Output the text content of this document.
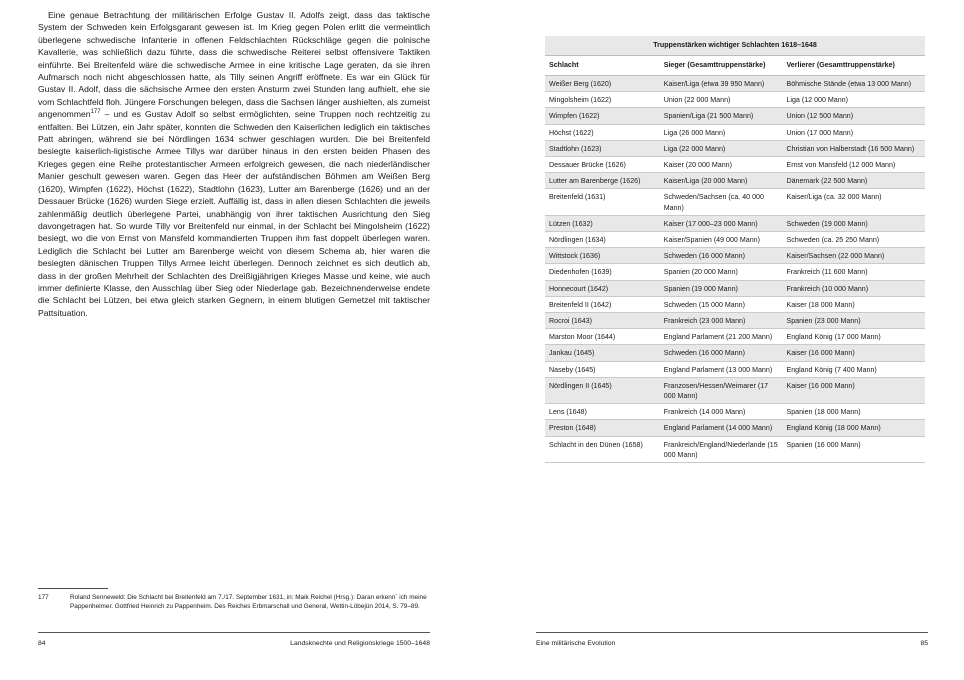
Eine genaue Betrachtung der militärischen Erfolge Gustav II. Adolfs zeigt, dass das taktische System der Schweden kein Erfolgsgarant gewesen ist. Im Krieg gegen Polen erlitt die vermeintlich überlegene schwedische Infanterie in offenen Feldschlachten Rückschläge gegen die polnische Kavallerie, was schließlich dazu führte, dass die schwedische Reiterei selbst offensivere Taktiken einführte. Bei Breitenfeld wäre die schwedische Armee in eine kritische Lage geraten, da sie ihren Aufmarsch noch nicht abgeschlossen hatte, als Tilly seinen Angriff eröffnete. Es war ein Glück für Gustav II. Adolf, dass die sächsische Armee den ersten Ansturm zwei Stunden lang aufhielt, ehe sie vom Schlachtfeld floh. Jüngere Forschungen belegen, dass die Sachsen länger aushielten, als zumeist angenommen$^{177}$ – und es Gustav Adolf so selbst ermöglichten, seine Truppen noch rechtzeitig zu entfalten. Bei Lützen, ein Jahr später, konnten die Schweden den Kaiserlichen lediglich ein taktisches Patt abringen, während sie bei Nördlingen 1634 schwer geschlagen wurden. Die bei Breitenfeld besiegte kaiserlich-ligistische Armee Tillys war darüber hinaus in den ersten beiden Phasen des Krieges gegen eine Reihe protestantischer Armeen erfolgreich gewesen, die nach niederländischer Manier geschult gewesen waren. Gegen das Heer der aufständischen Böhmen am Weißen Berg (1620), Wimpfen (1622), Höchst (1622), Stadtlohn (1623), Lutter am Barenberge (1626) und an der Dessauer Brücke (1626) wurden Siege erzielt. Auffällig ist, dass in allen diesen Schlachten die jeweils zahlenmäßig deutlich überlegene Partei, unabhängig von ihrer taktischen Ausrichtung den Sieg davongetragen hat. So wurde Tilly vor Breitenfeld nur einmal, in der Schlacht bei Mingolsheim (1622) besiegt, wo die von Ernst von Mansfeld kommandierten Truppen ihm fast doppelt überlegen waren. Lediglich die Schlacht bei Lutter am Barenberge weicht von diesem Schema ab, hier waren die besiegten dänischen Truppen Tillys Armee leicht überlegen. Dennoch zeichnet es sich deutlich ab, dass in der großen Mehrheit der Schlachten des Dreißigjährigen Krieges Masse und keine, wie auch immer definierte Klasse, den Ausschlag über Sieg oder Niederlage gab. Bezeichnenderweise endete die Schlacht bei Lützen, bei etwa gleich starken Gegnern, in einem blutigen Gemetzel mit taktischer Pattsituation.

177	Roland Senneweld: Die Schlacht bei Breitenfeld am 7./17. September 1631, in: Maik Reichel (Hrsg.): Daran erkenn´ ich meine Pappenheimer. Gottfried Heinrich zu Pappenheim. Des Reiches Erbmarschall und General, Wettin-Löbejün 2014, S. 79–89.
84	Landsknechte und Religionskriege 1500–1648
Truppenstärken wichtiger Schlachten 1618–1648		
Schlacht	Sieger (Gesamttruppenstärke)	Verlierer (Gesamttruppenstärke)
Weißer Berg (1620)	Kaiser/Liga (etwa 39 950 Mann)	Böhmische Stände (etwa 13 000 Mann)
Mingolsheim (1622)	Union (22 000 Mann)	Liga (12 000 Mann)
Wimpfen (1622)	Spanien/Liga (21 500 Mann)	Union (12 500 Mann)
Höchst (1622)	Liga (26 000 Mann)	Union (17 000 Mann)
Stadtlohn (1623)	Liga (22 000 Mann)	Christian von Halberstadt (16 500 Mann)
Dessauer Brücke (1626)	Kaiser (20 000 Mann)	Ernst von Mansfeld (12 000 Mann)
Lutter am Barenberge (1626)	Kaiser/Liga (20 000 Mann)	Dänemark (22 500 Mann)
Breitenfeld (1631)	Schweden/Sachsen (ca. 40 000 Mann)	Kaiser/Liga (ca. 32 000 Mann)
Lützen (1632)	Kaiser (17 000–23 000 Mann)	Schweden (19 000 Mann)
Nördlingen (1634)	Kaiser/Spanien (49 000 Mann)	Schweden (ca. 25 250 Mann)
Wittstock (1636)	Schweden (16 000 Mann)	Kaiser/Sachsen (22 000 Mann)
Diedenhofen (1639)	Spanien (20 000 Mann)	Frankreich (11 600 Mann)
Honnecourt (1642)	Spanien (19 000 Mann)	Frankreich (10 000 Mann)
Breitenfeld II (1642)	Schweden (15 000 Mann)	Kaiser (18 000 Mann)
Rocroi (1643)	Frankreich (23 000 Mann)	Spanien (23 000 Mann)
Marston Moor (1644)	England Parlament (21 200 Mann)	England König (17 000 Mann)
Jankau (1645)	Schweden (16 000 Mann)	Kaiser (16 000 Mann)
Naseby (1645)	England Parlament (13 000 Mann)	England König (7 400 Mann)
Nördlingen II (1645)	Franzosen/Hessen/Weimarer (17 000 Mann)	Kaiser (16 000 Mann)
Lens (1648)	Frankreich (14 000 Mann)	Spanien (18 000 Mann)
Preston (1648)	England Parlament (14 000 Mann)	England König (18 000 Mann)
Schlacht in den Dünen (1658)	Frankreich/England/Niederlande (15 000 Mann)	Spanien (16 000 Mann)
Eine militärische Evolution	85
